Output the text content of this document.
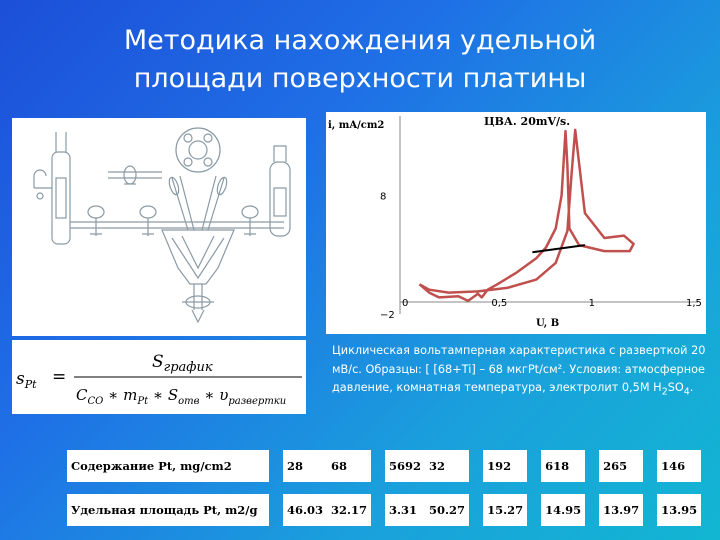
Методика нахождения удельной
площади поверхности платины
i, mA/cm2	ЦВА. 20mV/s.
U, B
0	0,5	1	1,5
8
−2
$s_{Pt}$ =
$S_{график}$
$C_{CO}$ ∗ $m_{Pt}$ ∗ $S_{отв}$ ∗ $\upsilon_{развертки}$
Циклическая вольтамперная характеристика с разверткой 20 мВ/с. Образцы: [ [68+Ti] – 68 мкгPt/см². Условия: атмосферное давление, комнатная температура, электролит 0,5М $H_2SO_4$.
Содержание Pt, mg/cm2		28	68		5692	32		192		618		265		146

Удельная площадь Pt, m2/g		46.03	32.17		3.31	50.27		15.27		14.95		13.97		13.95
